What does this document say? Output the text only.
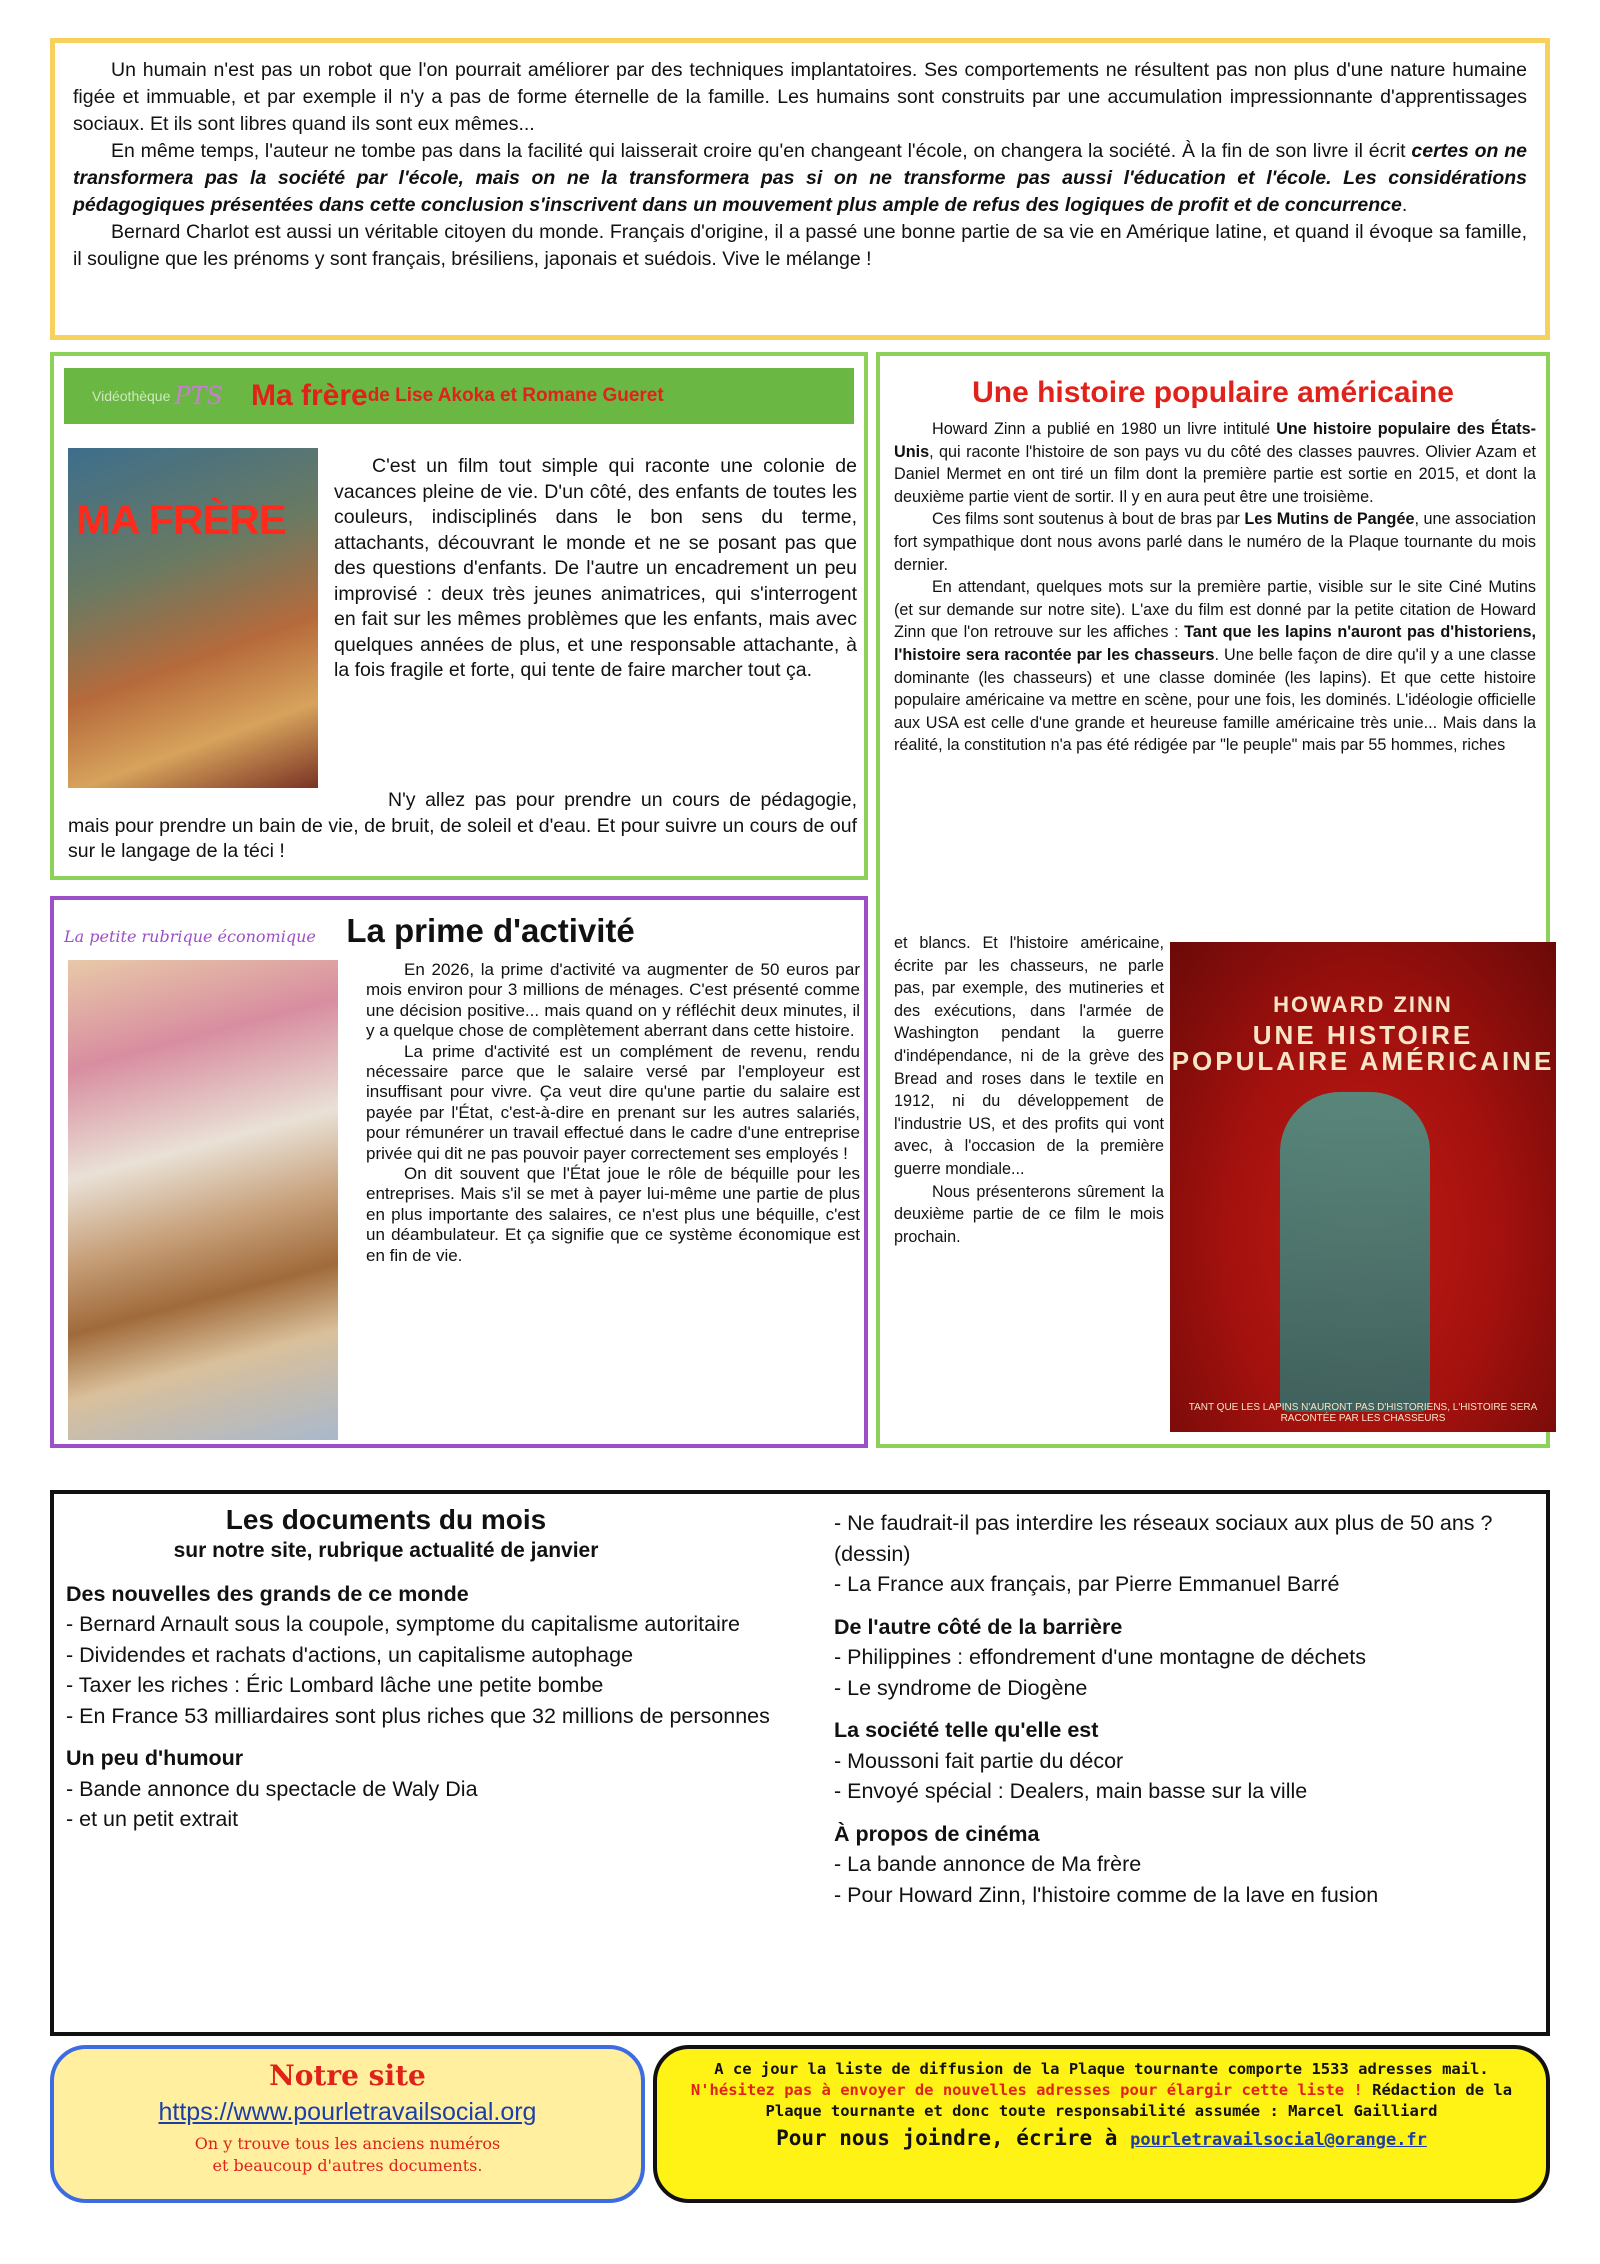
Un humain n'est pas un robot que l'on pourrait améliorer par des techniques implantatoires. Ses comportements ne résultent pas non plus d'une nature humaine figée et immuable, et par exemple il n'y a pas de forme éternelle de la famille. Les humains sont construits par une accumulation impressionnante d'apprentissages sociaux. Et ils sont libres quand ils sont eux mêmes...

En même temps, l'auteur ne tombe pas dans la facilité qui laisserait croire qu'en changeant l'école, on changera la société. À la fin de son livre il écrit certes on ne transformera pas la société par l'école, mais on ne la transformera pas si on ne transforme pas aussi l'éducation et l'école. Les considérations pédagogiques présentées dans cette conclusion s'inscrivent dans un mouvement plus ample de refus des logiques de profit et de concurrence.

Bernard Charlot est aussi un véritable citoyen du monde. Français d'origine, il a passé une bonne partie de sa vie en Amérique latine, et quand il évoque sa famille, il souligne que les prénoms y sont français, brésiliens, japonais et suédois. Vive le mélange !

Vidéothèque PTS Ma frère de Lise Akoka et Romane Gueret
MA FRÈRE

C'est un film tout simple qui raconte une colonie de vacances pleine de vie. D'un côté, des enfants de toutes les couleurs, indisciplinés dans le bon sens du terme, attachants, découvrant le monde et ne se posant pas que des questions d'enfants. De l'autre un encadrement un peu improvisé : deux très jeunes animatrices, qui s'interrogent en fait sur les mêmes problèmes que les enfants, mais avec quelques années de plus, et une responsable attachante, à la fois fragile et forte, qui tente de faire marcher tout ça.

N'y allez pas pour prendre un cours de pédagogie, mais pour prendre un bain de vie, de bruit, de soleil et d'eau. Et pour suivre un cours de ouf sur le langage de la téci !

La petite rubrique économique La prime d'activité

En 2026, la prime d'activité va augmenter de 50 euros par mois environ pour 3 millions de ménages. C'est présenté comme une décision positive... mais quand on y réfléchit deux minutes, il y a quelque chose de complètement aberrant dans cette histoire.

La prime d'activité est un complément de revenu, rendu nécessaire parce que le salaire versé par l'employeur est insuffisant pour vivre. Ça veut dire qu'une partie du salaire est payée par l'État, c'est-à-dire en prenant sur les autres salariés, pour rémunérer un travail effectué dans le cadre d'une entreprise privée qui dit ne pas pouvoir payer correctement ses employés !

On dit souvent que l'État joue le rôle de béquille pour les entreprises. Mais s'il se met à payer lui-même une partie de plus en plus importante des salaires, ce n'est plus une béquille, c'est un déambulateur. Et ça signifie que ce système économique est en fin de vie.

Une histoire populaire américaine

Howard Zinn a publié en 1980 un livre intitulé Une histoire populaire des États-Unis, qui raconte l'histoire de son pays vu du côté des classes pauvres. Olivier Azam et Daniel Mermet en ont tiré un film dont la première partie est sortie en 2015, et dont la deuxième partie vient de sortir. Il y en aura peut être une troisième.

Ces films sont soutenus à bout de bras par Les Mutins de Pangée, une association fort sympathique dont nous avons parlé dans le numéro de la Plaque tournante du mois dernier.

En attendant, quelques mots sur la première partie, visible sur le site Ciné Mutins (et sur demande sur notre site). L'axe du film est donné par la petite citation de Howard Zinn que l'on retrouve sur les affiches : Tant que les lapins n'auront pas d'historiens, l'histoire sera racontée par les chasseurs. Une belle façon de dire qu'il y a une classe dominante (les chasseurs) et une classe dominée (les lapins). Et que cette histoire populaire américaine va mettre en scène, pour une fois, les dominés. L'idéologie officielle aux USA est celle d'une grande et heureuse famille américaine très unie... Mais dans la réalité, la constitution n'a pas été rédigée par "le peuple" mais par 55 hommes, riches

et blancs. Et l'histoire américaine, écrite par les chasseurs, ne parle pas, par exemple, des mutineries et des exécutions, dans l'armée de Washington pendant la guerre d'indépendance, ni de la grève des Bread and roses dans le textile en 1912, ni du développement de l'industrie US, et des profits qui vont avec, à l'occasion de la première guerre mondiale...

Nous présenterons sûrement la deuxième partie de ce film le mois prochain.

HOWARD ZINN
UNE HISTOIRE POPULAIRE AMÉRICAINE
TANT QUE LES LAPINS N'AURONT PAS D'HISTORIENS, L'HISTOIRE SERA RACONTÉE PAR LES CHASSEURS
Les documents du mois
sur notre site, rubrique actualité de janvier
Des nouvelles des grands de ce monde
- Bernard Arnault sous la coupole, symptome du capitalisme autoritaire
- Dividendes et rachats d'actions, un capitalisme autophage
- Taxer les riches : Éric Lombard lâche une petite bombe
- En France 53 milliardaires sont plus riches que 32 millions de personnes
Un peu d'humour
- Bande annonce du spectacle de Waly Dia
- et un petit extrait
- Ne faudrait-il pas interdire les réseaux sociaux aux plus de 50 ans ? (dessin)
- La France aux français, par Pierre Emmanuel Barré
De l'autre côté de la barrière
- Philippines : effondrement d'une montagne de déchets
- Le syndrome de Diogène
La société telle qu'elle est
- Moussoni fait partie du décor
- Envoyé spécial : Dealers, main basse sur la ville
À propos de cinéma
- La bande annonce de Ma frère
- Pour Howard Zinn, l'histoire comme de la lave en fusion
Notre site
https://www.pourletravailsocial.org
On y trouve tous les anciens numéros
et beaucoup d'autres documents.
A ce jour la liste de diffusion de la Plaque tournante comporte 1533 adresses mail. N'hésitez pas à envoyer de nouvelles adresses pour élargir cette liste ! Rédaction de la Plaque tournante et donc toute responsabilité assumée : Marcel Gailliard
Pour nous joindre, écrire à pourletravailsocial@orange.fr
